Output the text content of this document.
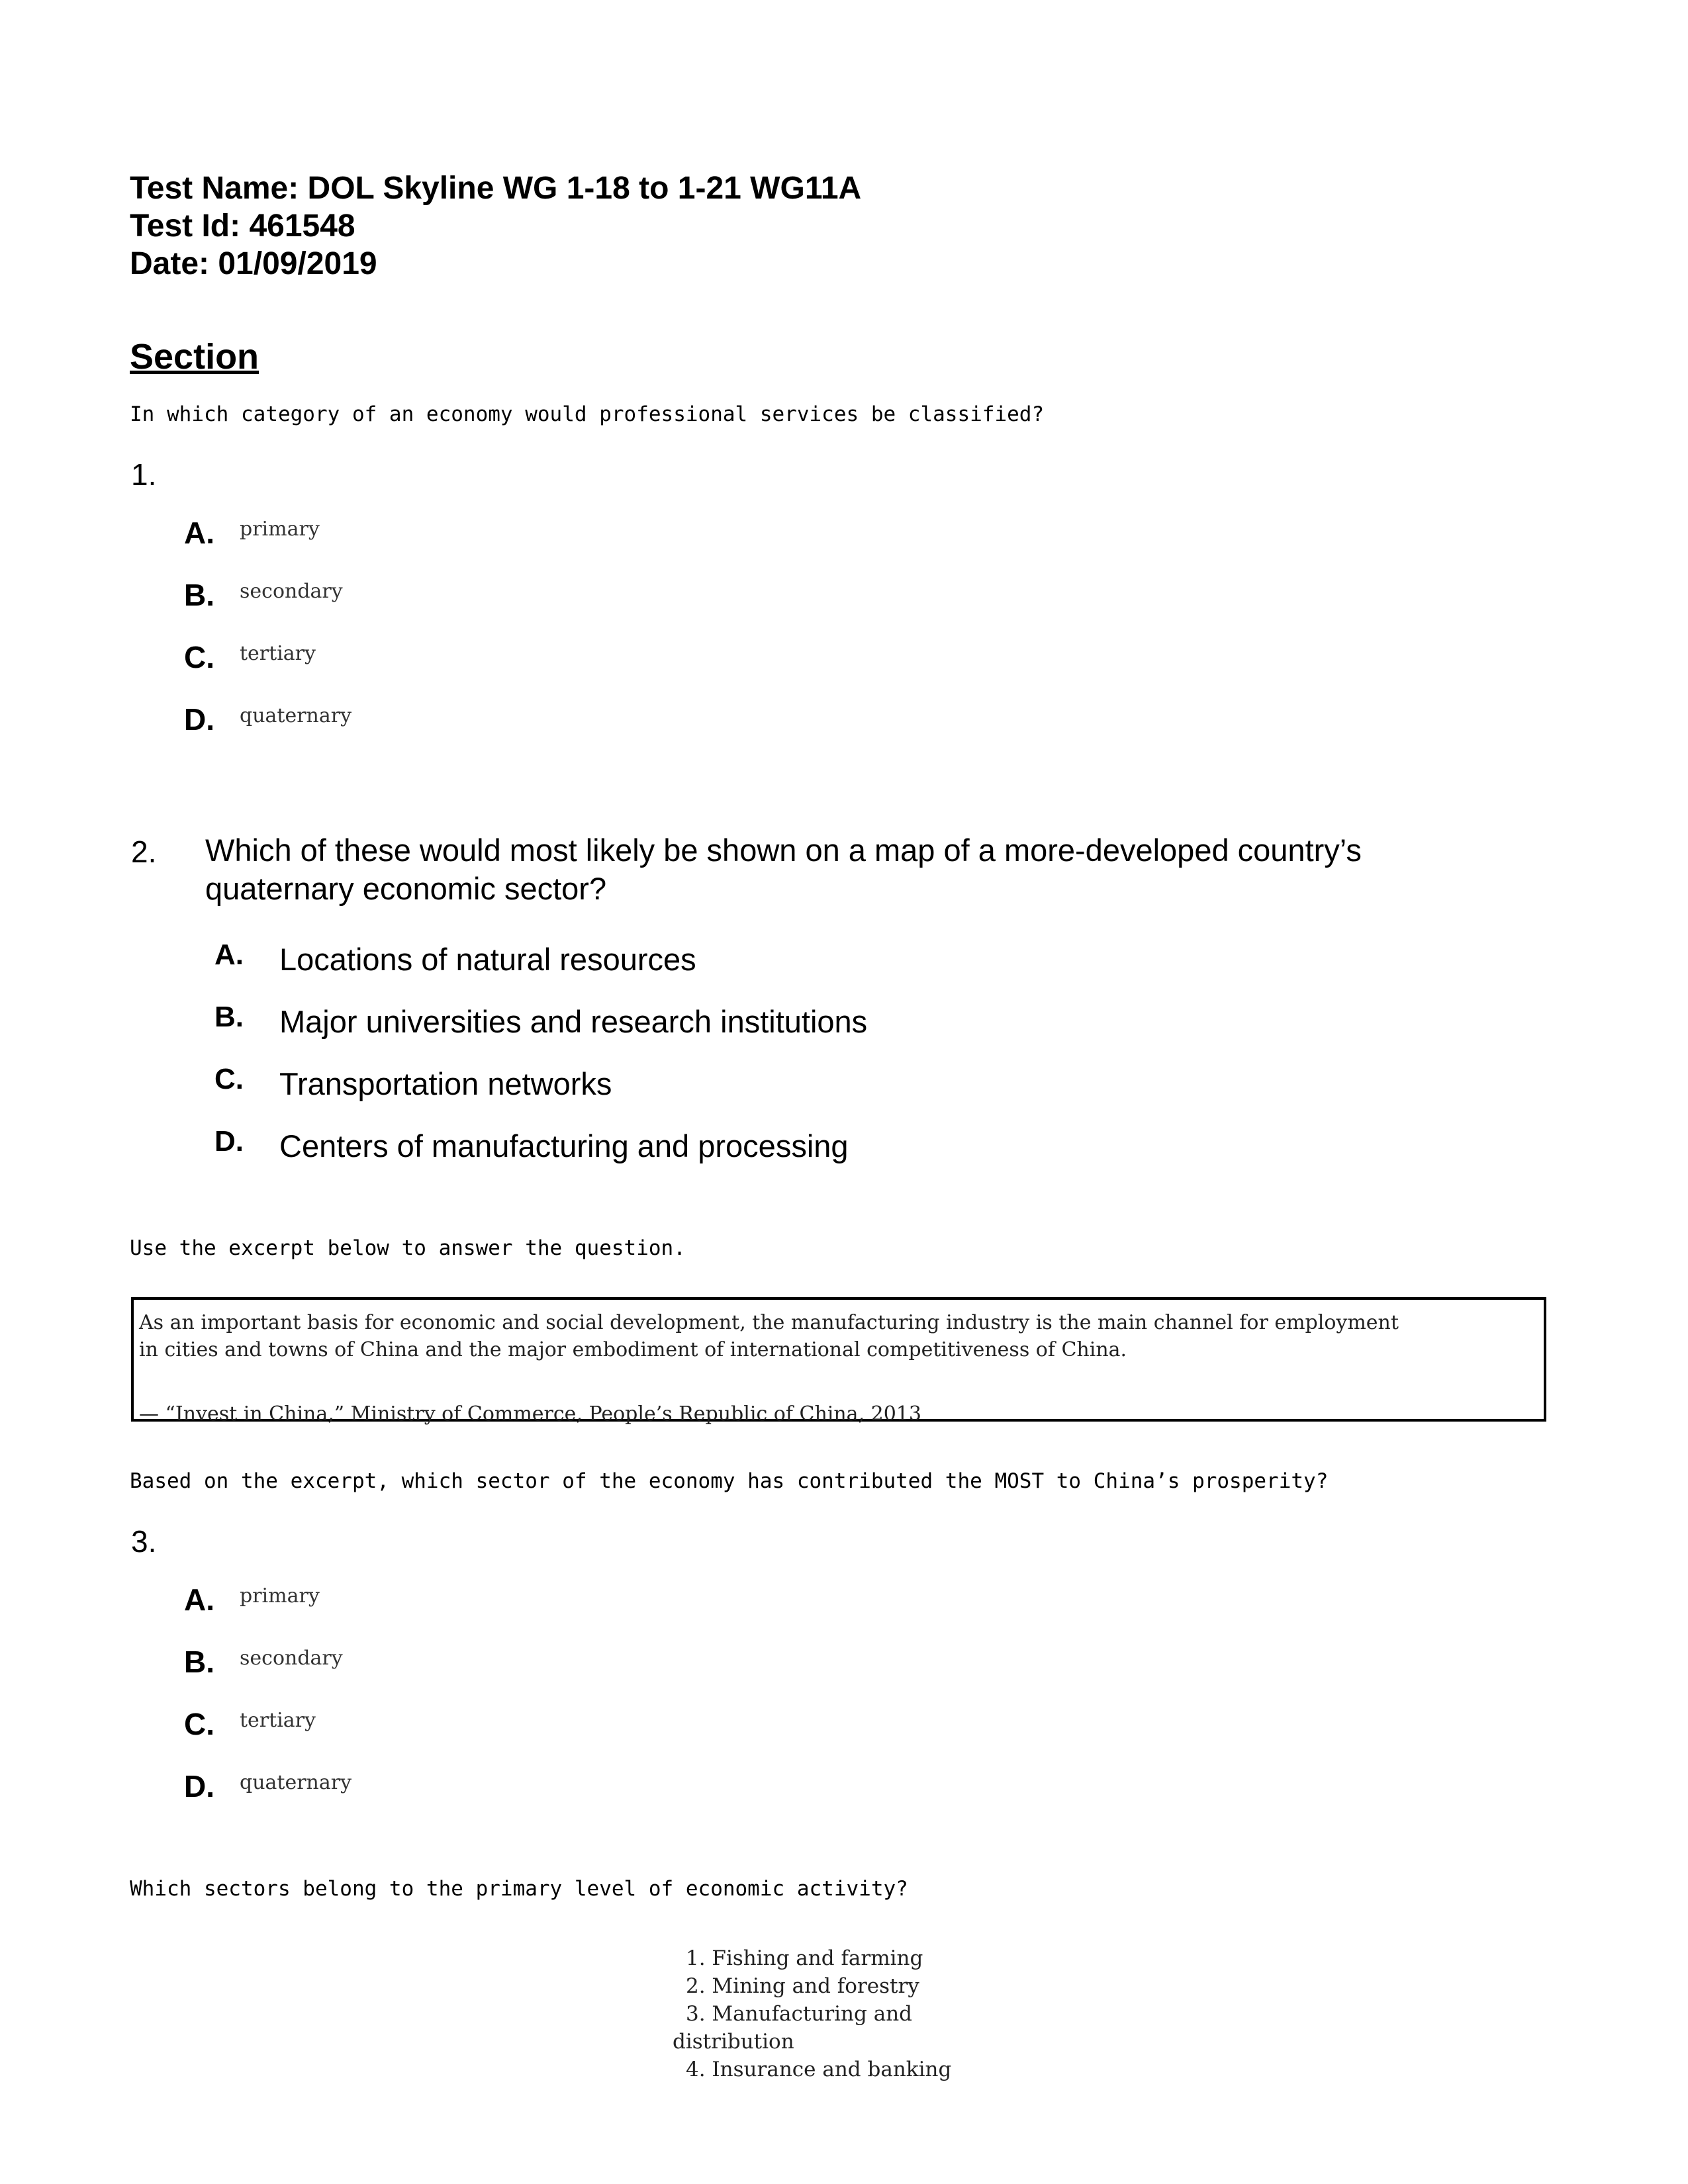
Test Name: DOL Skyline WG 1-18 to 1-21 WG11A
Test Id: 461548
Date: 01/09/2019
Section
In which category of an economy would professional services be classified?
1.
A. primary
B. secondary
C. tertiary
D. quaternary
2. Which of these would most likely be shown on a map of a more-developed country’s
quaternary economic sector?
A. Locations of natural resources
B. Major universities and research institutions
C. Transportation networks
D. Centers of manufacturing and processing
Use the excerpt below to answer the question.

As an important basis for economic and social development, the manufacturing industry is the main channel for employment

in cities and towns of China and the major embodiment of international competitiveness of China.

— “Invest in China,” Ministry of Commerce, People’s Republic of China, 2013

Based on the excerpt, which sector of the economy has contributed the MOST to China’s prosperity?
3.
A. primary
B. secondary
C. tertiary
D. quaternary
Which sectors belong to the primary level of economic activity?
1. Fishing and farming
2. Mining and forestry
3. Manufacturing and
distribution
4. Insurance and banking
